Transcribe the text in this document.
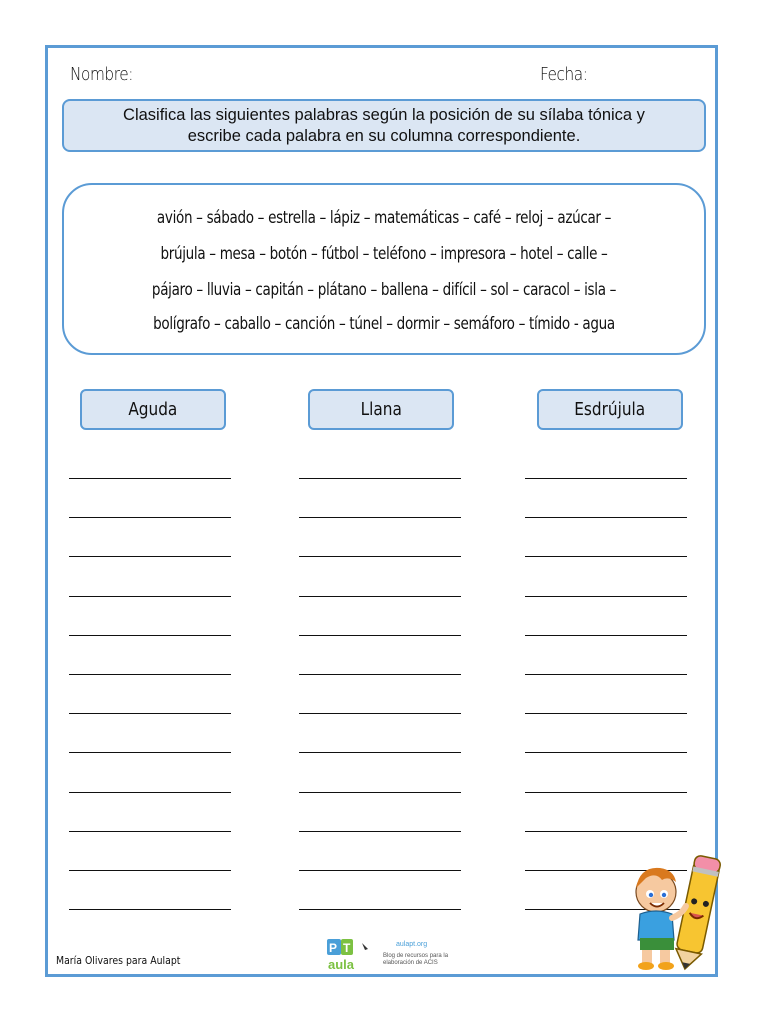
Nombre:	Fecha:
Clasifica las siguientes palabras según la posición de su sílaba tónica y
escribe cada palabra en su columna correspondiente.
avión – sábado – estrella – lápiz – matemáticas – café – reloj – azúcar –
brújula – mesa – botón – fútbol – teléfono – impresora – hotel – calle –
pájaro – lluvia – capitán – plátano – ballena – difícil – sol – caracol – isla –
bolígrafo – caballo – canción – túnel – dormir – semáforo – tímido - agua
Aguda	Llana	Esdrújula
María Olivares para Aulapt
P T
aula
aulapt.org
Blog de recursos para la elaboración de ACIS
